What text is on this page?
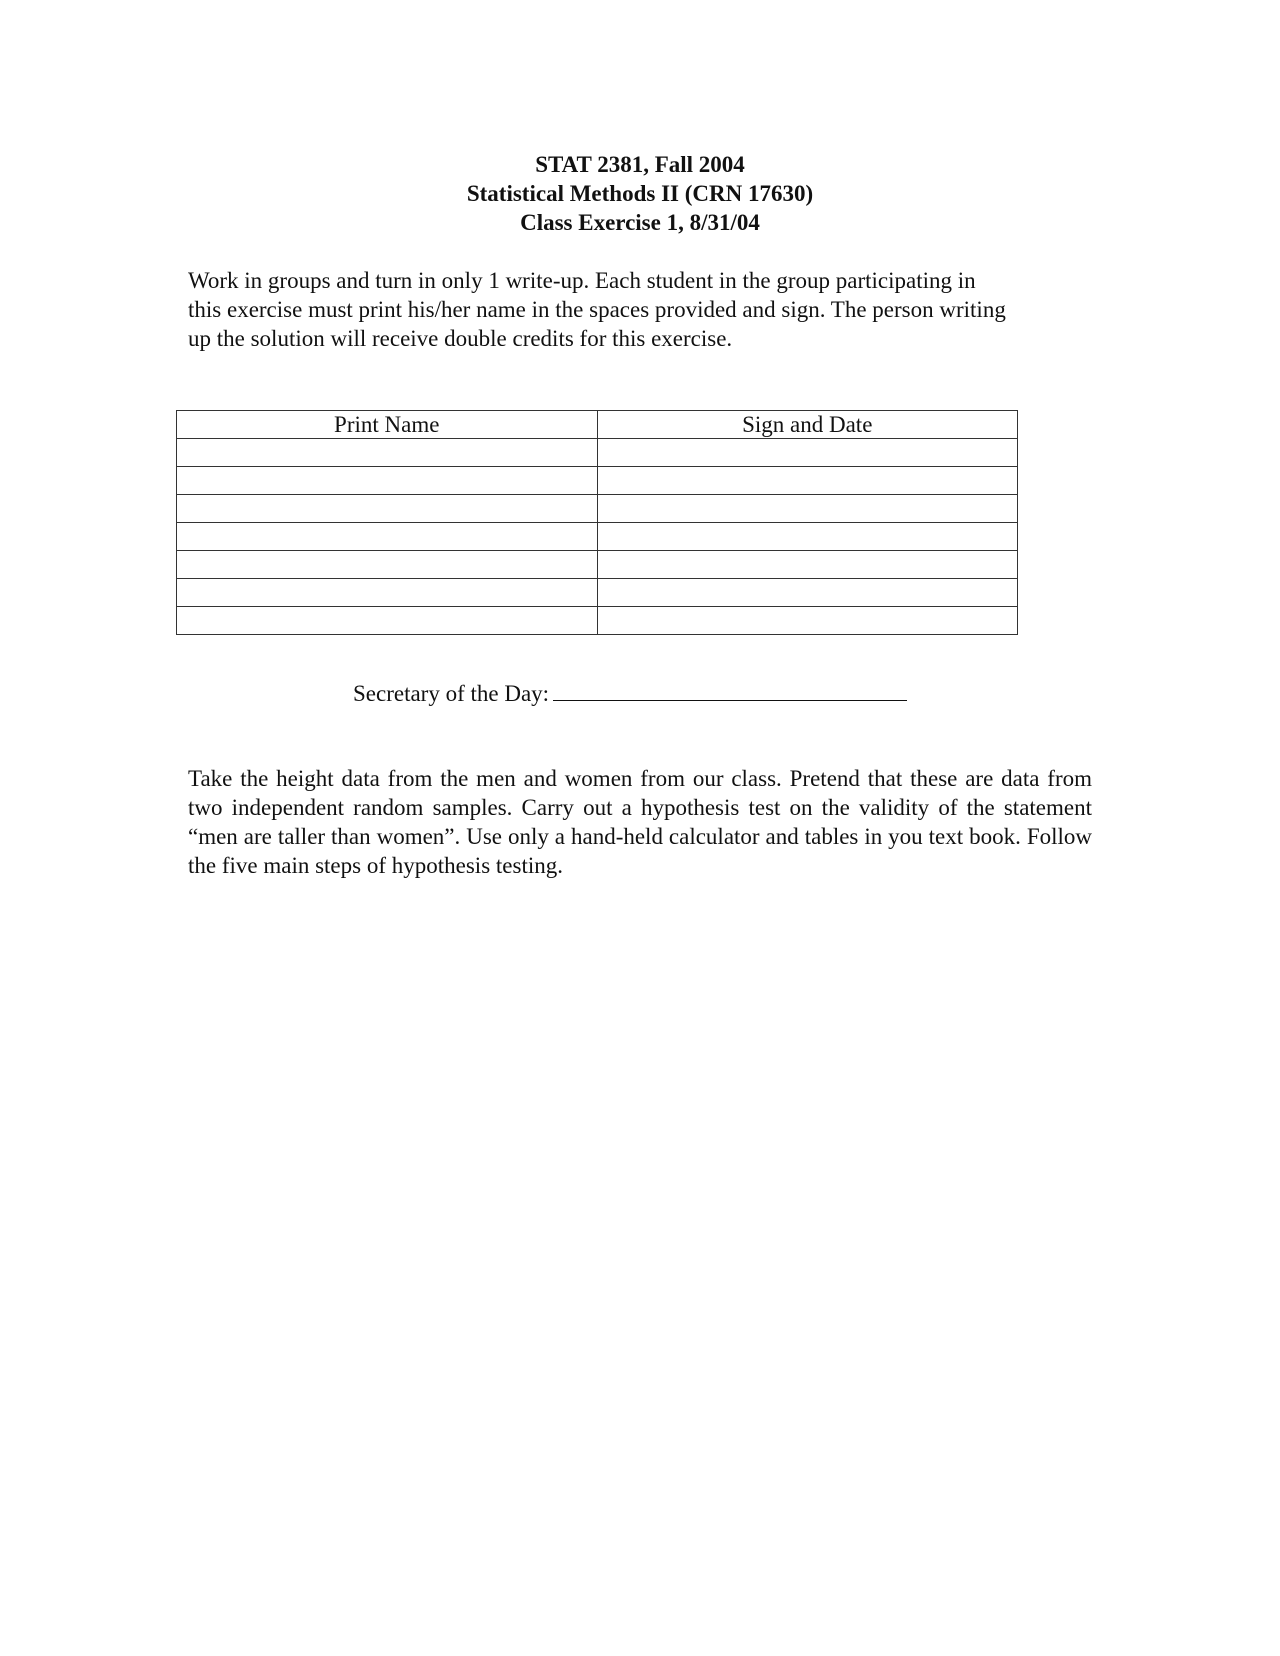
STAT 2381, Fall 2004
Statistical Methods II (CRN 17630)
Class Exercise 1, 8/31/04
Work in groups and turn in only 1 write-up. Each student in the group participating in
this exercise must print his/her name in the spaces provided and sign. The person writing
up the solution will receive double credits for this exercise.
Print Name	Sign and Date

Secretary of the Day:

Take the height data from the men and women from our class. Pretend that these are data from two independent random samples. Carry out a hypothesis test on the validity of the statement “men are taller than women”. Use only a hand-held calculator and tables in you text book. Follow the five main steps of hypothesis testing.
